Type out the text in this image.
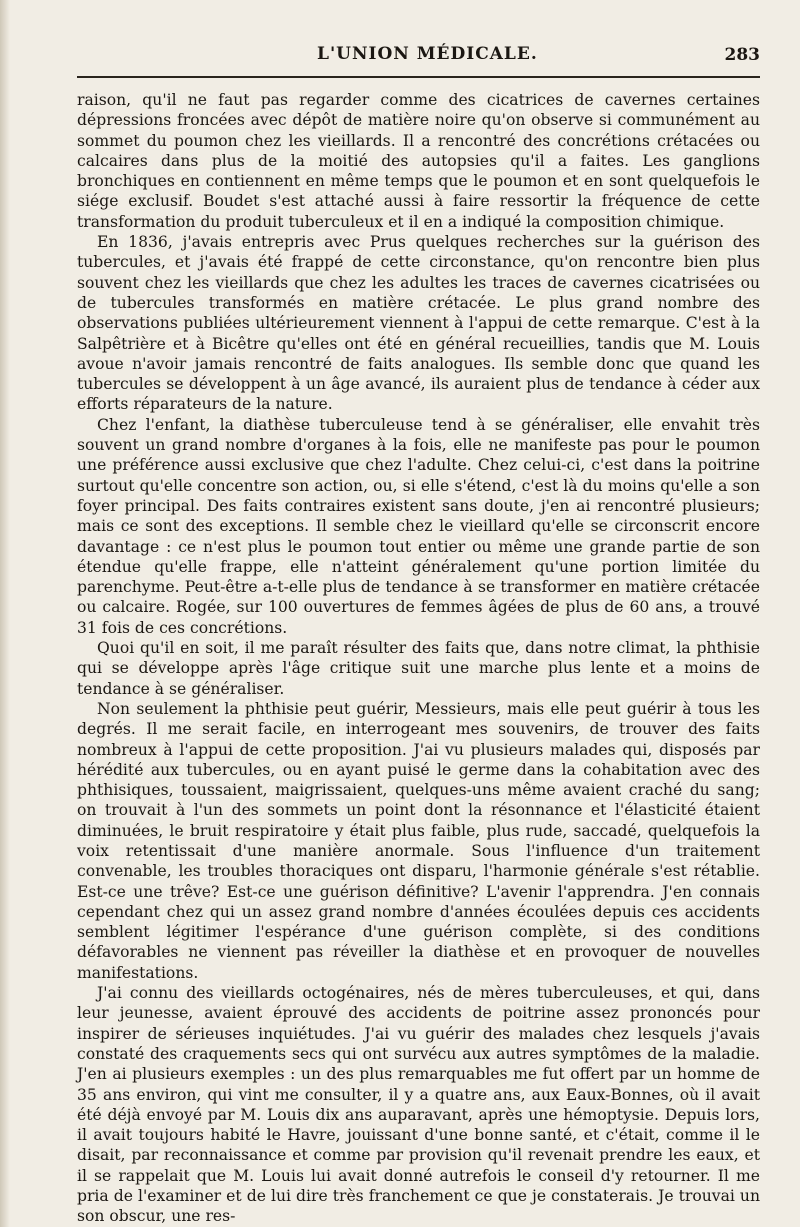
L'UNION MÉDICALE.	283

raison, qu'il ne faut pas regarder comme des cicatrices de cavernes certaines dépressions froncées avec dépôt de matière noire qu'on observe si communément au sommet du poumon chez les vieillards. Il a rencontré des concrétions crétacées ou calcaires dans plus de la moitié des autopsies qu'il a faites. Les ganglions bronchiques en contiennent en même temps que le poumon et en sont quelquefois le siége exclusif. Boudet s'est attaché aussi à faire ressortir la fréquence de cette transformation du produit tuberculeux et il en a indiqué la composition chimique.

En 1836, j'avais entrepris avec Prus quelques recherches sur la guérison des tubercules, et j'avais été frappé de cette circonstance, qu'on rencontre bien plus souvent chez les vieillards que chez les adultes les traces de cavernes cicatrisées ou de tubercules transformés en matière crétacée. Le plus grand nombre des observations publiées ultérieurement viennent à l'appui de cette remarque. C'est à la Salpêtrière et à Bicêtre qu'elles ont été en général recueillies, tandis que M. Louis avoue n'avoir jamais rencontré de faits analogues. Ils semble donc que quand les tubercules se développent à un âge avancé, ils auraient plus de tendance à céder aux efforts réparateurs de la nature.

Chez l'enfant, la diathèse tuberculeuse tend à se généraliser, elle envahit très souvent un grand nombre d'organes à la fois, elle ne manifeste pas pour le poumon une préférence aussi exclusive que chez l'adulte. Chez celui-ci, c'est dans la poitrine surtout qu'elle concentre son action, ou, si elle s'étend, c'est là du moins qu'elle a son foyer principal. Des faits contraires existent sans doute, j'en ai rencontré plusieurs; mais ce sont des exceptions. Il semble chez le vieillard qu'elle se circonscrit encore davantage : ce n'est plus le poumon tout entier ou même une grande partie de son étendue qu'elle frappe, elle n'atteint généralement qu'une portion limitée du parenchyme. Peut-être a-t-elle plus de tendance à se transformer en matière crétacée ou calcaire. Rogée, sur 100 ouvertures de femmes âgées de plus de 60 ans, a trouvé 31 fois de ces concrétions.

Quoi qu'il en soit, il me paraît résulter des faits que, dans notre climat, la phthisie qui se développe après l'âge critique suit une marche plus lente et a moins de tendance à se généraliser.

Non seulement la phthisie peut guérir, Messieurs, mais elle peut guérir à tous les degrés. Il me serait facile, en interrogeant mes souvenirs, de trouver des faits nombreux à l'appui de cette proposition. J'ai vu plusieurs malades qui, disposés par hérédité aux tubercules, ou en ayant puisé le germe dans la cohabitation avec des phthisiques, toussaient, maigrissaient, quelques-uns même avaient craché du sang; on trouvait à l'un des sommets un point dont la résonnance et l'élasticité étaient diminuées, le bruit respiratoire y était plus faible, plus rude, saccadé, quelquefois la voix retentissait d'une manière anormale. Sous l'influence d'un traitement convenable, les troubles thoraciques ont disparu, l'harmonie générale s'est rétablie. Est-ce une trêve? Est-ce une guérison définitive? L'avenir l'apprendra. J'en connais cependant chez qui un assez grand nombre d'années écoulées depuis ces accidents semblent légitimer l'espérance d'une guérison complète, si des conditions défavorables ne viennent pas réveiller la diathèse et en provoquer de nouvelles manifestations.

J'ai connu des vieillards octogénaires, nés de mères tuberculeuses, et qui, dans leur jeunesse, avaient éprouvé des accidents de poitrine assez prononcés pour inspirer de sérieuses inquiétudes. J'ai vu guérir des malades chez lesquels j'avais constaté des craquements secs qui ont survécu aux autres symptômes de la maladie. J'en ai plusieurs exemples : un des plus remarquables me fut offert par un homme de 35 ans environ, qui vint me consulter, il y a quatre ans, aux Eaux-Bonnes, où il avait été déjà envoyé par M. Louis dix ans auparavant, après une hémoptysie. Depuis lors, il avait toujours habité le Havre, jouissant d'une bonne santé, et c'était, comme il le disait, par reconnaissance et comme par provision qu'il revenait prendre les eaux, et il se rappelait que M. Louis lui avait donné autrefois le conseil d'y retourner. Il me pria de l'examiner et de lui dire très franchement ce que je constaterais. Je trouvai un son obscur, une res-
